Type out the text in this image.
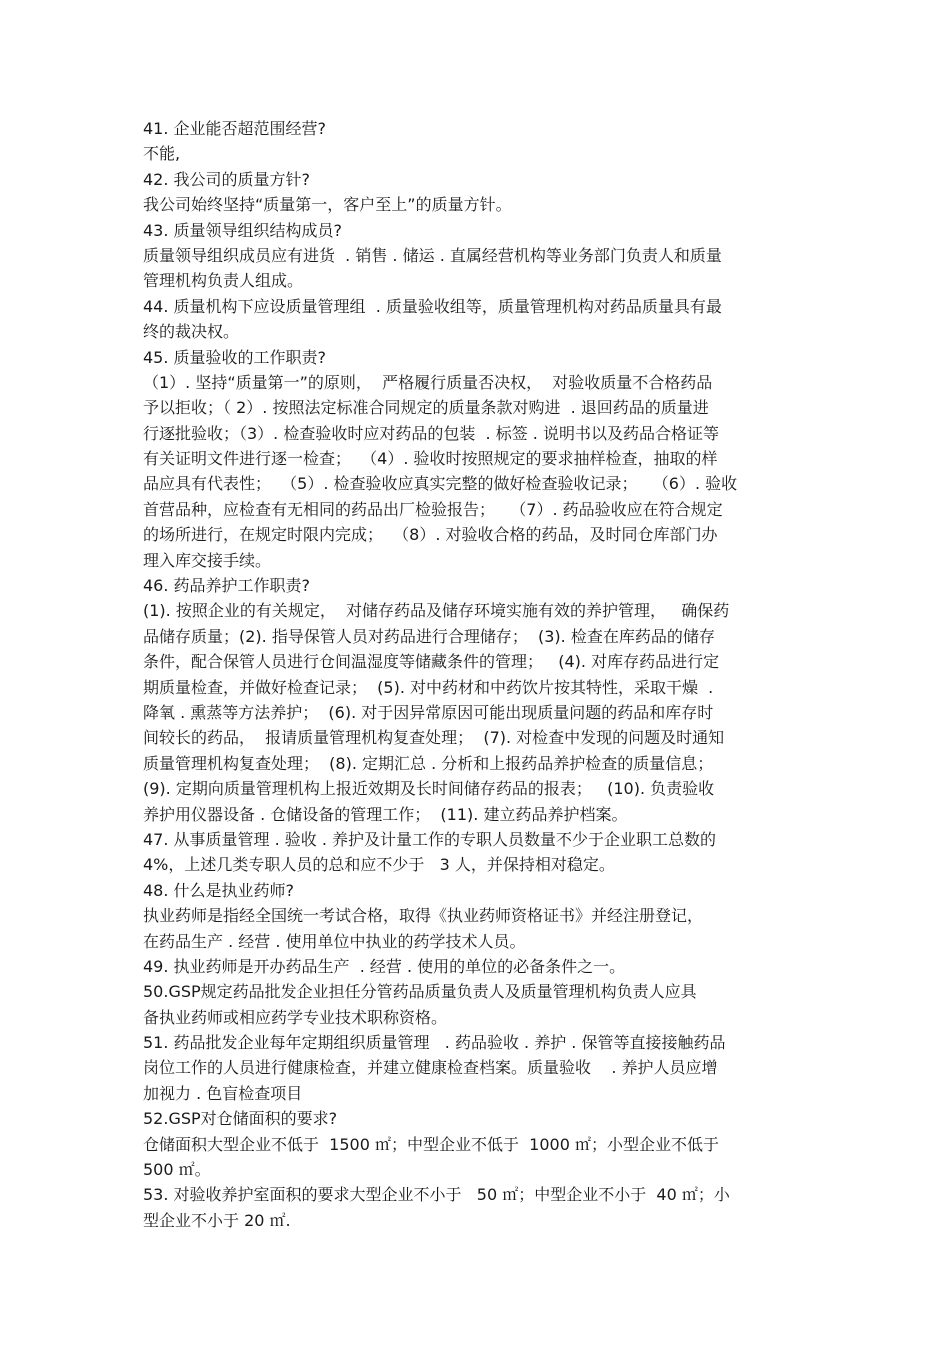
41. 企业能否超范围经营?
不能,
42. 我公司的质量方针?
我公司始终坚持“质量第一，客户至上”的质量方针。
43. 质量领导组织结构成员?
质量领导组织成员应有进货  . 销售 . 储运 . 直属经营机构等业务部门负责人和质量
管理机构负责人组成。
44. 质量机构下应设质量管理组  . 质量验收组等，质量管理机构对药品质量具有最
终的裁决权。
45. 质量验收的工作职责?
（1）. 坚持“质量第一”的原则，  严格履行质量否决权，  对验收质量不合格药品
予以拒收；（ 2）. 按照法定标准合同规定的质量条款对购进  . 退回药品的质量进
行逐批验收；（3）. 检查验收时应对药品的包装  . 标签 . 说明书以及药品合格证等
有关证明文件进行逐一检查；  （4）. 验收时按照规定的要求抽样检查，抽取的样
品应具有代表性；  （5）. 检查验收应真实完整的做好检查验收记录；   （6）. 验收
首营品种，应检查有无相同的药品出厂检验报告；   （7）. 药品验收应在符合规定
的场所进行，在规定时限内完成；  （8）. 对验收合格的药品，及时同仓库部门办
理入库交接手续。
46. 药品养护工作职责?
(1). 按照企业的有关规定，  对储存药品及储存环境实施有效的养护管理，   确保药
品储存质量；(2). 指导保管人员对药品进行合理储存；  (3). 检查在库药品的储存
条件，配合保管人员进行仓间温湿度等储藏条件的管理；   (4). 对库存药品进行定
期质量检查，并做好检查记录；  (5). 对中药材和中药饮片按其特性，采取干燥  .
降氧 . 熏蒸等方法养护；  (6). 对于因异常原因可能出现质量问题的药品和库存时
间较长的药品，  报请质量管理机构复查处理；  (7). 对检查中发现的问题及时通知
质量管理机构复查处理；  (8). 定期汇总 . 分析和上报药品养护检查的质量信息；
(9). 定期向质量管理机构上报近效期及长时间储存药品的报表；   (10). 负责验收
养护用仪器设备 . 仓储设备的管理工作；  (11). 建立药品养护档案。
47. 从事质量管理 . 验收 . 养护及计量工作的专职人员数量不少于企业职工总数的
4%，上述几类专职人员的总和应不少于   3 人，并保持相对稳定。
48. 什么是执业药师?
执业药师是指经全国统一考试合格，取得《执业药师资格证书》并经注册登记，
在药品生产 . 经营 . 使用单位中执业的药学技术人员。
49. 执业药师是开办药品生产  . 经营 . 使用的单位的必备条件之一。
50.GSP规定药品批发企业担任分管药品质量负责人及质量管理机构负责人应具
备执业药师或相应药学专业技术职称资格。
51. 药品批发企业每年定期组织质量管理   . 药品验收 . 养护 . 保管等直接接触药品
岗位工作的人员进行健康检查，并建立健康检查档案。质量验收    . 养护人员应增
加视力 . 色盲检查项目
52.GSP对仓储面积的要求?
仓储面积大型企业不低于  1500 ㎡；中型企业不低于  1000 ㎡；小型企业不低于
500 ㎡。
53. 对验收养护室面积的要求大型企业不小于   50 ㎡；中型企业不小于  40 ㎡；小
型企业不小于 20 ㎡.
